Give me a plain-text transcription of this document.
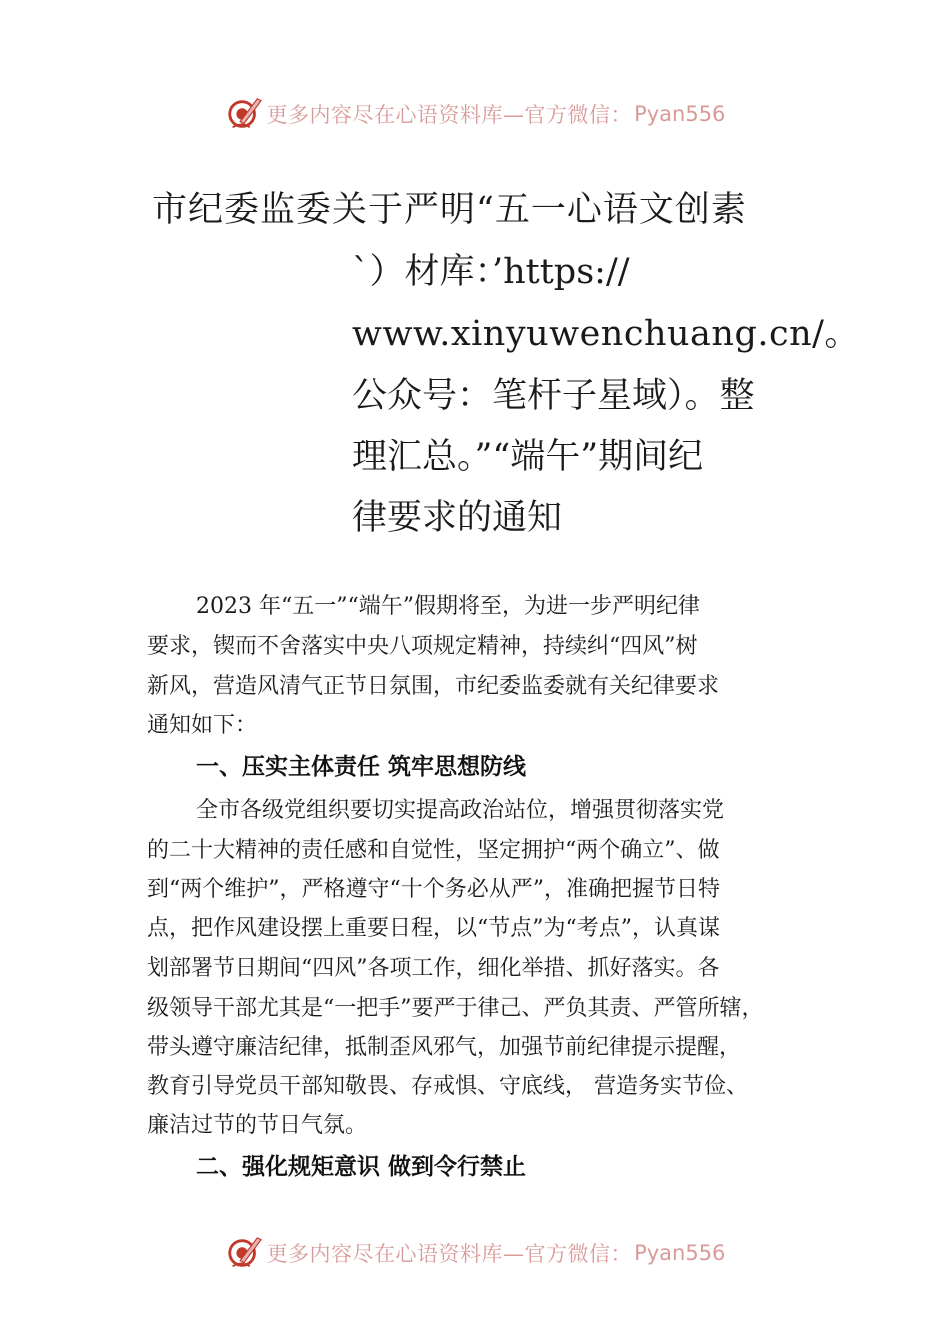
更多内容尽在心语资料库—官方微信： Pyan556
市纪委监委关于严明“五一心语文创素
`）材库：’https://
www.xinyuwenchuang.cn/。
公众号：笔杆子星域）。整
理汇总。”“端午”期间纪
律要求的通知
2023 年“五一”“端午”假期将至，为进一步严明纪律
要求，锲而不舍落实中央八项规定精神，持续纠“四风”树
新风，营造风清气正节日氛围，市纪委监委就有关纪律要求
通知如下：
一、压实主体责任 筑牢思想防线
全市各级党组织要切实提高政治站位，增强贯彻落实党
的二十大精神的责任感和自觉性，坚定拥护“两个确立”、做
到“两个维护”，严格遵守“十个务必从严”，准确把握节日特
点，把作风建设摆上重要日程，以“节点”为“考点”，认真谋
划部署节日期间“四风”各项工作，细化举措、抓好落实。各
级领导干部尤其是“一把手”要严于律己、严负其责、严管所辖，
带头遵守廉洁纪律，抵制歪风邪气，加强节前纪律提示提醒，
教育引导党员干部知敬畏、存戒惧、守底线， 营造务实节俭、
廉洁过节的节日气氛。
二、强化规矩意识 做到令行禁止
更多内容尽在心语资料库—官方微信： Pyan556
